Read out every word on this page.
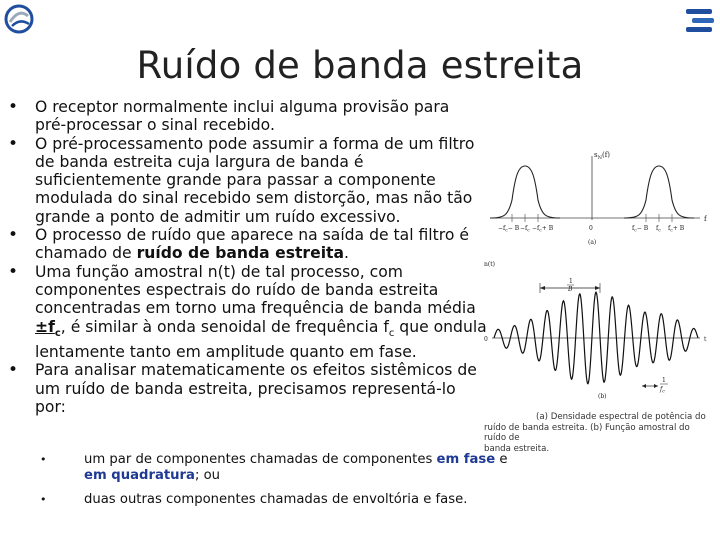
Ruído de banda estreita
• O receptor normalmente inclui alguma provisão para
pré-processar o sinal recebido.
• O pré-processamento pode assumir a forma de um filtro
de banda estreita cuja largura de banda é
suficientemente grande para passar a componente
modulada do sinal recebido sem distorção, mas não tão
grande a ponto de admitir um ruído excessivo.
• O processo de ruído que aparece na saída de tal filtro é
chamado de ruído de banda estreita.
• Uma função amostral n(t) de tal processo, com
componentes espectrais do ruído de banda estreita
concentradas em torno uma frequência de banda média
$\pm f_c$, é similar à onda senoidal de frequência $f_c$ que ondula
lentamente tanto em amplitude quanto em fase.
• Para analisar matematicamente os efeitos sistêmicos de
um ruído de banda estreita, precisamos representá-lo
por:
•	um par de componentes chamadas de componentes em fase e em quadratura; ou
•	duas outras componentes chamadas de envoltória e fase.
$s_N(f)$
f
$-f_c- B -f_c -f_c+ B$	0	$f_c- B$ $f_c$ $f_c+ B$
(a)
n(t)
t
0
1
B
1
$f_c$
(b)
(a) Densidade espectral de potência do
ruído de banda estreita. (b) Função amostral do ruído de
banda estreita.
